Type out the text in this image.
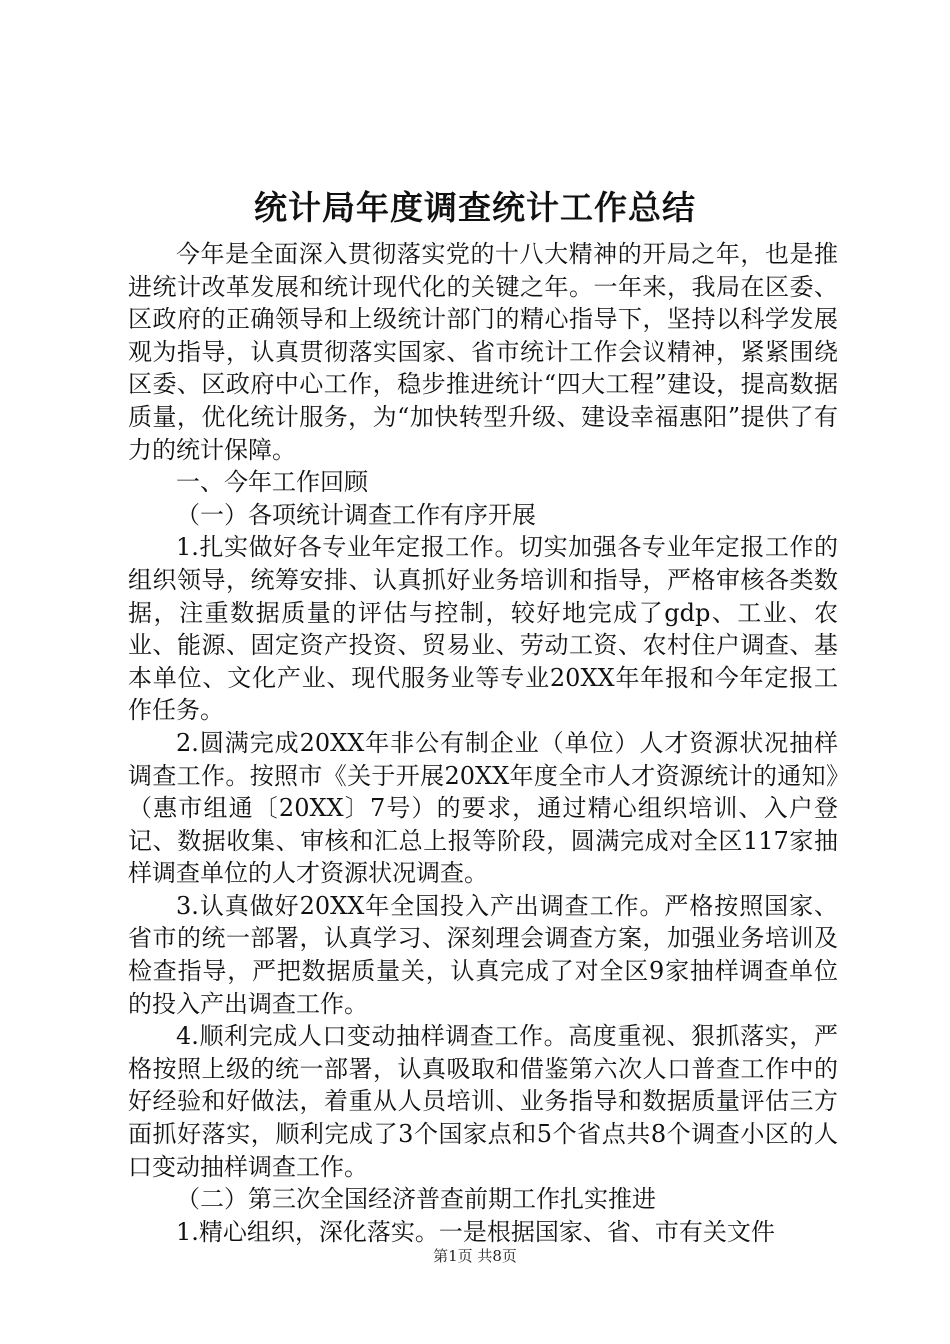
统计局年度调查统计工作总结

今年是全面深入贯彻落实党的十八大精神的开局之年，也是推进统计改革发展和统计现代化的关键之年。一年来，我局在区委、区政府的正确领导和上级统计部门的精心指导下，坚持以科学发展观为指导，认真贯彻落实国家、省市统计工作会议精神，紧紧围绕区委、区政府中心工作，稳步推进统计“四大工程”建设，提高数据质量，优化统计服务，为“加快转型升级、建设幸福惠阳”提供了有力的统计保障。

一、今年工作回顾

（一）各项统计调查工作有序开展

1.扎实做好各专业年定报工作。切实加强各专业年定报工作的组织领导，统筹安排、认真抓好业务培训和指导，严格审核各类数据，注重数据质量的评估与控制，较好地完成了gdp、工业、农业、能源、固定资产投资、贸易业、劳动工资、农村住户调查、基本单位、文化产业、现代服务业等专业20XX年年报和今年定报工作任务。

2.圆满完成20XX年非公有制企业（单位）人才资源状况抽样调查工作。按照市《关于开展20XX年度全市人才资源统计的通知》（惠市组通〔20XX〕7号）的要求，通过精心组织培训、入户登记、数据收集、审核和汇总上报等阶段，圆满完成对全区117家抽样调查单位的人才资源状况调查。

3.认真做好20XX年全国投入产出调查工作。严格按照国家、省市的统一部署，认真学习、深刻理会调查方案，加强业务培训及检查指导，严把数据质量关，认真完成了对全区9家抽样调查单位的投入产出调查工作。

4.顺利完成人口变动抽样调查工作。高度重视、狠抓落实，严格按照上级的统一部署，认真吸取和借鉴第六次人口普查工作中的好经验和好做法，着重从人员培训、业务指导和数据质量评估三方面抓好落实，顺利完成了3个国家点和5个省点共8个调查小区的人口变动抽样调查工作。

（二）第三次全国经济普查前期工作扎实推进

1.精心组织，深化落实。一是根据国家、省、市有关文件

第1页 共8页
